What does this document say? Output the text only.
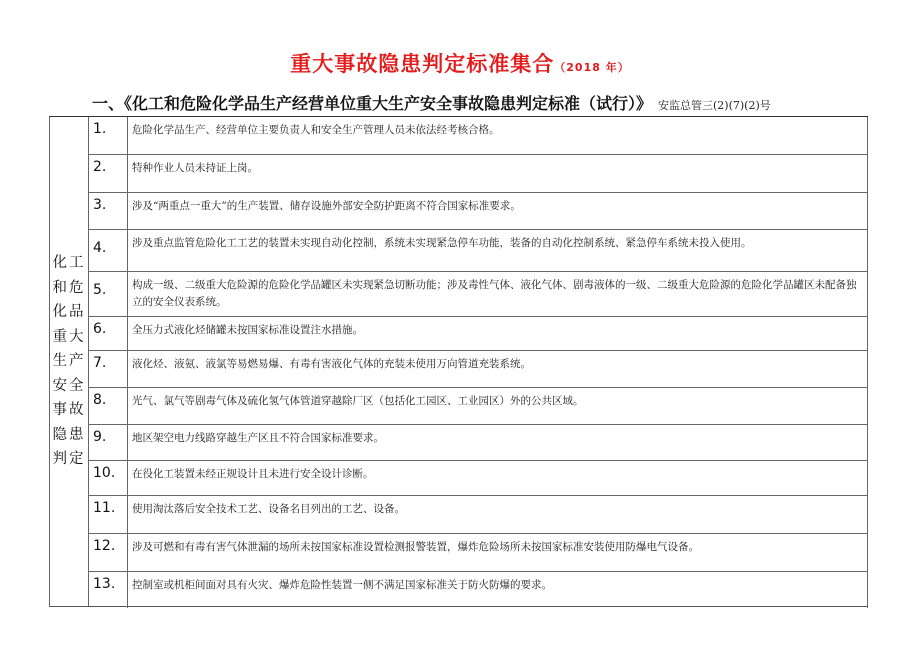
重大事故隐患判定标准集合（2018 年）
一、《化工和危险化学品生产经营单位重大生产安全事故隐患判定标准（试行）》 安监总管三(2)(7)(2)号
化工和危化品重大生产安全事故隐患判定
1.	危险化学品生产、经营单位主要负责人和安全生产管理人员未依法经考核合格。
2.	特种作业人员未持证上岗。
3.	涉及“两重点一重大”的生产装置、储存设施外部安全防护距离不符合国家标准要求。
4.	涉及重点监管危险化工工艺的装置未实现自动化控制，系统未实现紧急停车功能，装备的自动化控制系统、紧急停车系统未投入使用。
5.	构成一级、二级重大危险源的危险化学品罐区未实现紧急切断功能；涉及毒性气体、液化气体、剧毒液体的一级、二级重大危险源的危险化学品罐区未配备独立的安全仪表系统。
6.	全压力式液化烃储罐未按国家标准设置注水措施。
7.	液化烃、液氨、液氯等易燃易爆、有毒有害液化气体的充装未使用万向管道充装系统。
8.	光气、氯气等剧毒气体及硫化氢气体管道穿越除厂区（包括化工园区、工业园区）外的公共区域。
9.	地区架空电力线路穿越生产区且不符合国家标准要求。
10.	在役化工装置未经正规设计且未进行安全设计诊断。
11.	使用淘汰落后安全技术工艺、设备名目列出的工艺、设备。
12.	涉及可燃和有毒有害气体泄漏的场所未按国家标准设置检测报警装置，爆炸危险场所未按国家标准安装使用防爆电气设备。
13.	控制室或机柜间面对具有火灾、爆炸危险性装置一侧不满足国家标准关于防火防爆的要求。
